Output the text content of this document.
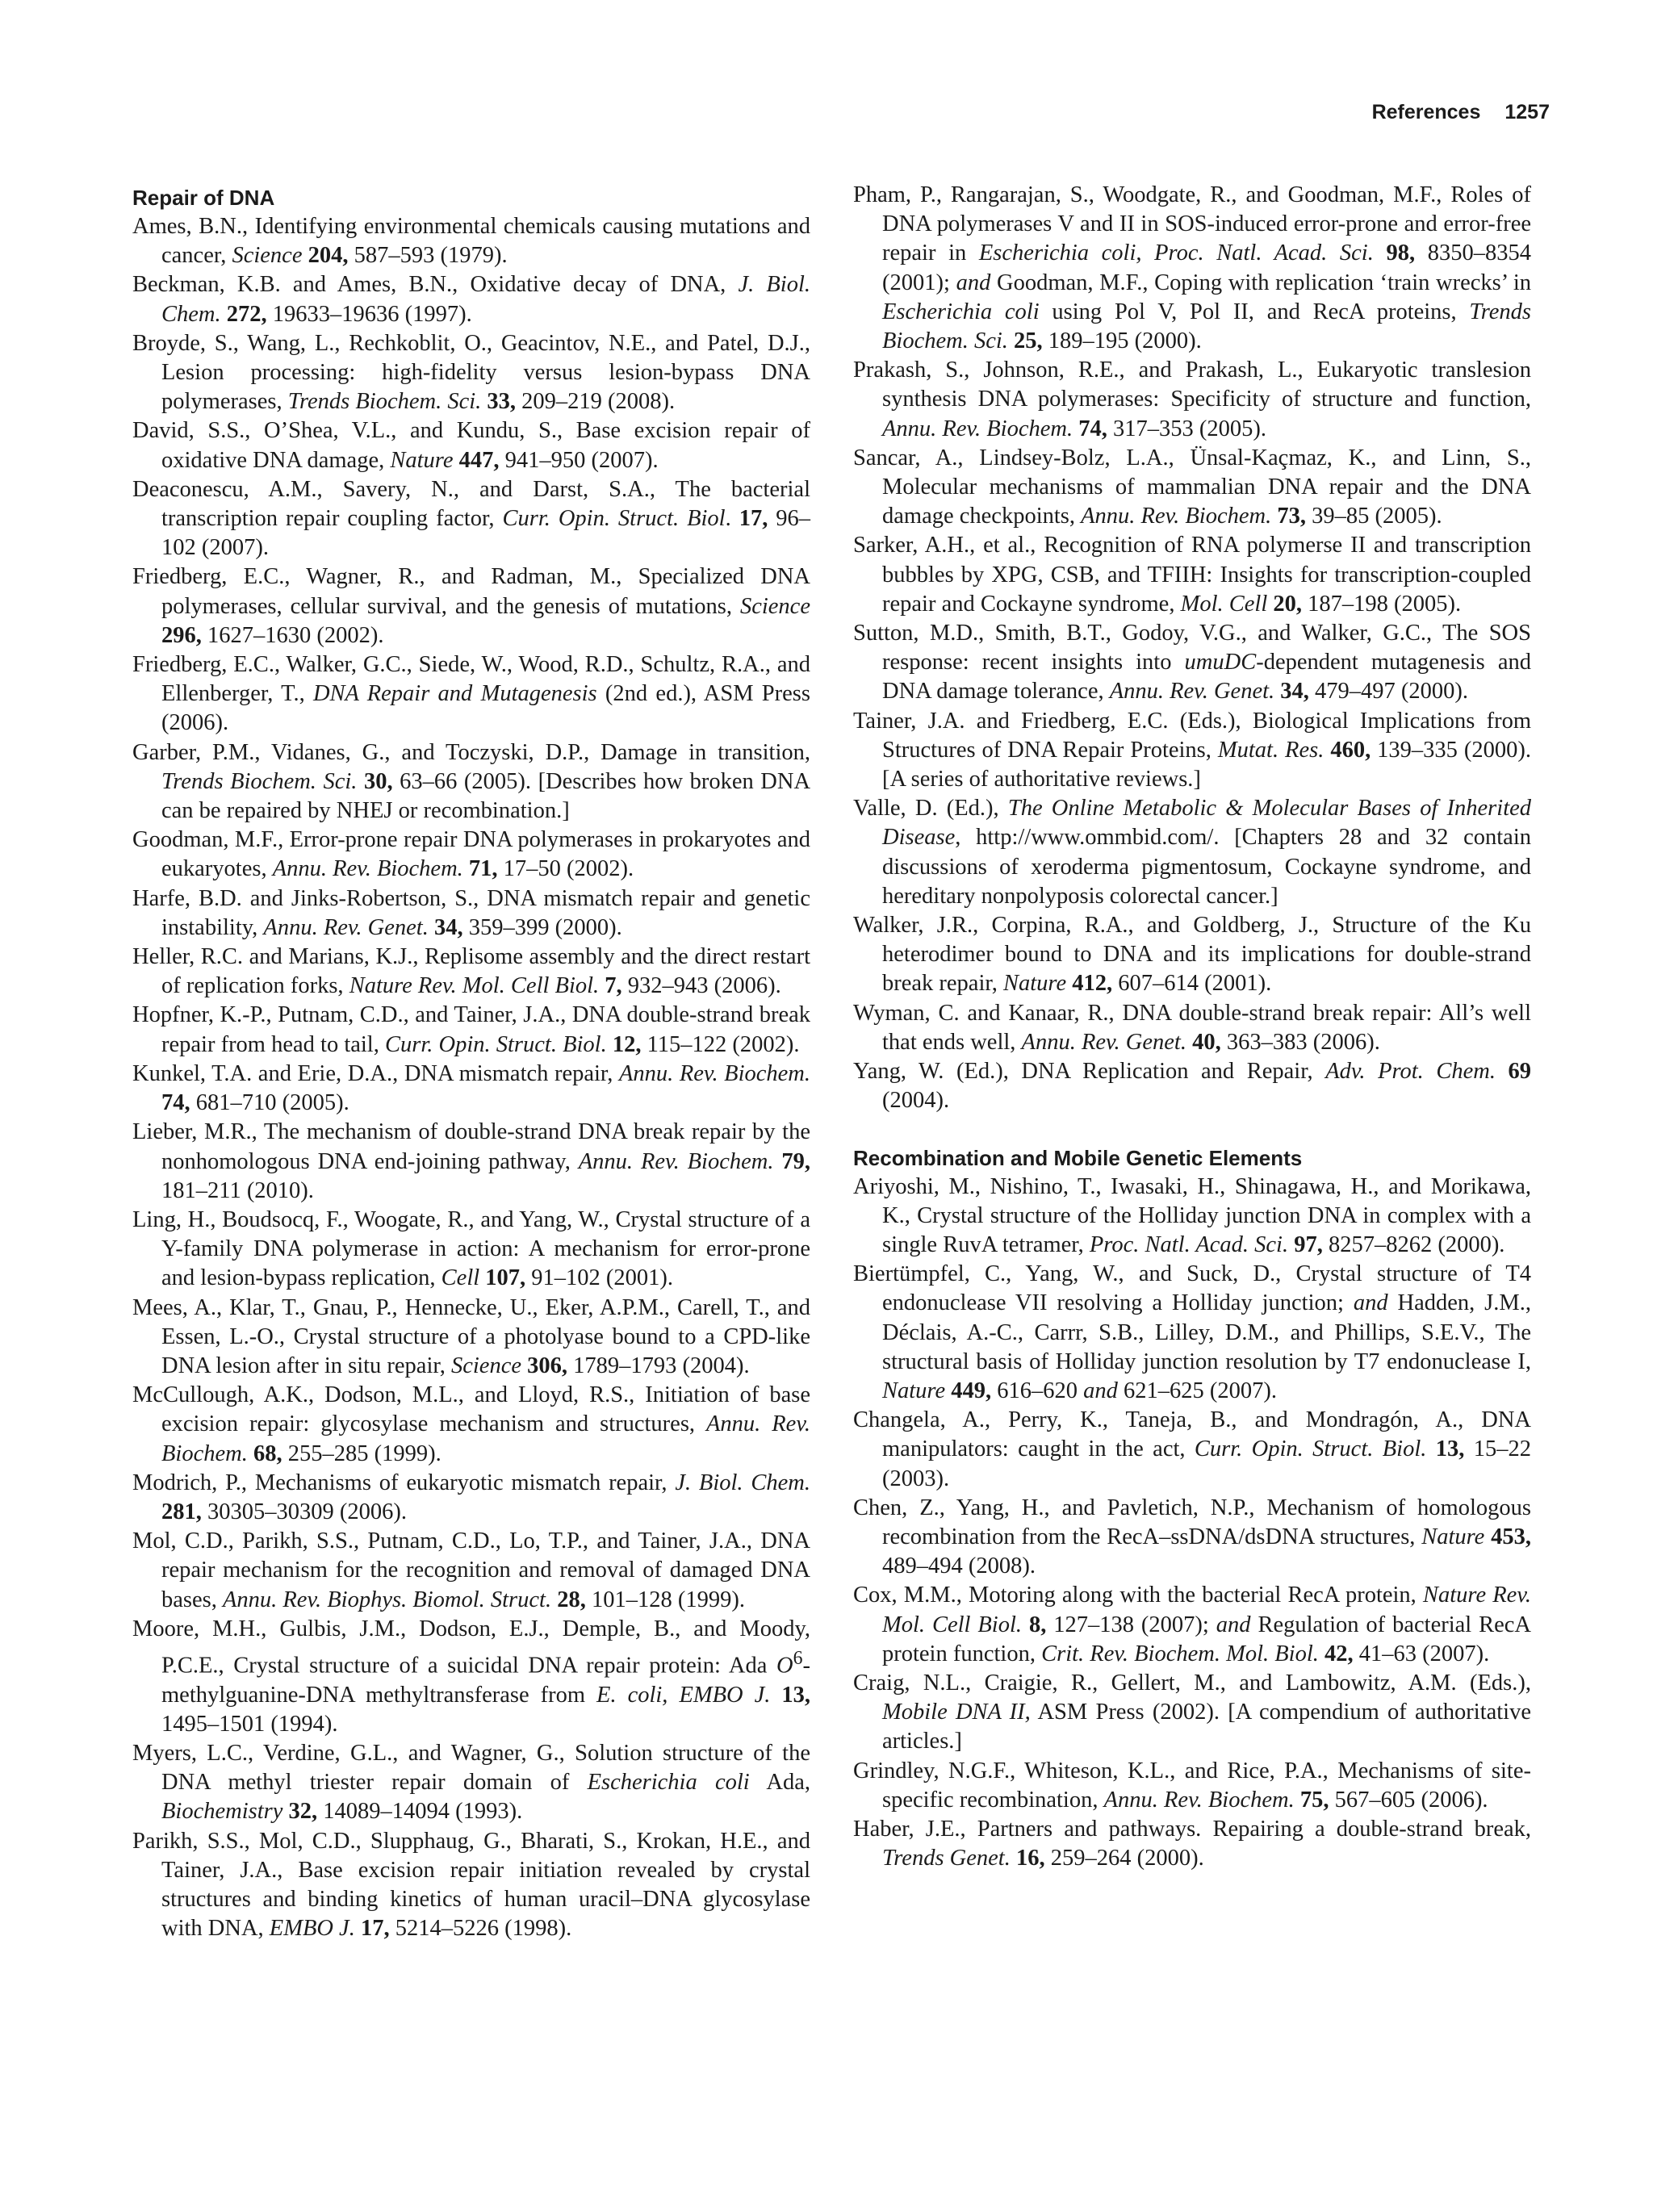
References 1257
Repair of DNA

Ames, B.N., Identifying environmental chemicals causing mutations and cancer, Science 204, 587–593 (1979).

Beckman, K.B. and Ames, B.N., Oxidative decay of DNA, J. Biol. Chem. 272, 19633–19636 (1997).

Broyde, S., Wang, L., Rechkoblit, O., Geacintov, N.E., and Patel, D.J., Lesion processing: high-fidelity versus lesion-bypass DNA polymerases, Trends Biochem. Sci. 33, 209–219 (2008).

David, S.S., O’Shea, V.L., and Kundu, S., Base excision repair of oxidative DNA damage, Nature 447, 941–950 (2007).

Deaconescu, A.M., Savery, N., and Darst, S.A., The bacterial transcription repair coupling factor, Curr. Opin. Struct. Biol. 17, 96–102 (2007).

Friedberg, E.C., Wagner, R., and Radman, M., Specialized DNA polymerases, cellular survival, and the genesis of mutations, Science 296, 1627–1630 (2002).

Friedberg, E.C., Walker, G.C., Siede, W., Wood, R.D., Schultz, R.A., and Ellenberger, T., DNA Repair and Mutagenesis (2nd ed.), ASM Press (2006).

Garber, P.M., Vidanes, G., and Toczyski, D.P., Damage in transition, Trends Biochem. Sci. 30, 63–66 (2005). [Describes how broken DNA can be repaired by NHEJ or recombination.]

Goodman, M.F., Error-prone repair DNA polymerases in prokaryotes and eukaryotes, Annu. Rev. Biochem. 71, 17–50 (2002).

Harfe, B.D. and Jinks-Robertson, S., DNA mismatch repair and genetic instability, Annu. Rev. Genet. 34, 359–399 (2000).

Heller, R.C. and Marians, K.J., Replisome assembly and the direct restart of replication forks, Nature Rev. Mol. Cell Biol. 7, 932–943 (2006).

Hopfner, K.-P., Putnam, C.D., and Tainer, J.A., DNA double-strand break repair from head to tail, Curr. Opin. Struct. Biol. 12, 115–122 (2002).

Kunkel, T.A. and Erie, D.A., DNA mismatch repair, Annu. Rev. Biochem. 74, 681–710 (2005).

Lieber, M.R., The mechanism of double-strand DNA break repair by the nonhomologous DNA end-joining pathway, Annu. Rev. Biochem. 79, 181–211 (2010).

Ling, H., Boudsocq, F., Woogate, R., and Yang, W., Crystal structure of a Y-family DNA polymerase in action: A mechanism for error-prone and lesion-bypass replication, Cell 107, 91–102 (2001).

Mees, A., Klar, T., Gnau, P., Hennecke, U., Eker, A.P.M., Carell, T., and Essen, L.-O., Crystal structure of a photolyase bound to a CPD-like DNA lesion after in situ repair, Science 306, 1789–1793 (2004).

McCullough, A.K., Dodson, M.L., and Lloyd, R.S., Initiation of base excision repair: glycosylase mechanism and structures, Annu. Rev. Biochem. 68, 255–285 (1999).

Modrich, P., Mechanisms of eukaryotic mismatch repair, J. Biol. Chem. 281, 30305–30309 (2006).

Mol, C.D., Parikh, S.S., Putnam, C.D., Lo, T.P., and Tainer, J.A., DNA repair mechanism for the recognition and removal of damaged DNA bases, Annu. Rev. Biophys. Biomol. Struct. 28, 101–128 (1999).

Moore, M.H., Gulbis, J.M., Dodson, E.J., Demple, B., and Moody, P.C.E., Crystal structure of a suicidal DNA repair protein: Ada $O^6-methylguanine$-DNA methyltransferase from E. coli, EMBO J. 13, 1495–1501 (1994).

Myers, L.C., Verdine, G.L., and Wagner, G., Solution structure of the DNA methyl triester repair domain of Escherichia coli Ada, Biochemistry 32, 14089–14094 (1993).

Parikh, S.S., Mol, C.D., Slupphaug, G., Bharati, S., Krokan, H.E., and Tainer, J.A., Base excision repair initiation revealed by crystal structures and binding kinetics of human uracil–DNA glycosylase with DNA, EMBO J. 17, 5214–5226 (1998).

Pham, P., Rangarajan, S., Woodgate, R., and Goodman, M.F., Roles of DNA polymerases V and II in SOS-induced error-prone and error-free repair in Escherichia coli, Proc. Natl. Acad. Sci. 98, 8350–8354 (2001); and Goodman, M.F., Coping with replication ‘train wrecks’ in Escherichia coli using Pol V, Pol II, and RecA proteins, Trends Biochem. Sci. 25, 189–195 (2000).

Prakash, S., Johnson, R.E., and Prakash, L., Eukaryotic translesion synthesis DNA polymerases: Specificity of structure and function, Annu. Rev. Biochem. 74, 317–353 (2005).

Sancar, A., Lindsey-Bolz, L.A., Ünsal-Kaçmaz, K., and Linn, S., Molecular mechanisms of mammalian DNA repair and the DNA damage checkpoints, Annu. Rev. Biochem. 73, 39–85 (2005).

Sarker, A.H., et al., Recognition of RNA polymerse II and transcription bubbles by XPG, CSB, and TFIIH: Insights for transcription-coupled repair and Cockayne syndrome, Mol. Cell 20, 187–198 (2005).

Sutton, M.D., Smith, B.T., Godoy, V.G., and Walker, G.C., The SOS response: recent insights into umuDC-dependent mutagenesis and DNA damage tolerance, Annu. Rev. Genet. 34, 479–497 (2000).

Tainer, J.A. and Friedberg, E.C. (Eds.), Biological Implications from Structures of DNA Repair Proteins, Mutat. Res. 460, 139–335 (2000). [A series of authoritative reviews.]

Valle, D. (Ed.), The Online Metabolic & Molecular Bases of Inherited Disease, http://www.ommbid.com/. [Chapters 28 and 32 contain discussions of xeroderma pigmentosum, Cockayne syndrome, and hereditary nonpolyposis colorectal cancer.]

Walker, J.R., Corpina, R.A., and Goldberg, J., Structure of the Ku heterodimer bound to DNA and its implications for double-strand break repair, Nature 412, 607–614 (2001).

Wyman, C. and Kanaar, R., DNA double-strand break repair: All’s well that ends well, Annu. Rev. Genet. 40, 363–383 (2006).

Yang, W. (Ed.), DNA Replication and Repair, Adv. Prot. Chem. 69 (2004).

Recombination and Mobile Genetic Elements

Ariyoshi, M., Nishino, T., Iwasaki, H., Shinagawa, H., and Morikawa, K., Crystal structure of the Holliday junction DNA in complex with a single RuvA tetramer, Proc. Natl. Acad. Sci. 97, 8257–8262 (2000).

Biertümpfel, C., Yang, W., and Suck, D., Crystal structure of T4 endonuclease VII resolving a Holliday junction; and Hadden, J.M., Déclais, A.-C., Carrr, S.B., Lilley, D.M., and Phillips, S.E.V., The structural basis of Holliday junction resolution by T7 endonuclease I, Nature 449, 616–620 and 621–625 (2007).

Changela, A., Perry, K., Taneja, B., and Mondragón, A., DNA manipulators: caught in the act, Curr. Opin. Struct. Biol. 13, 15–22 (2003).

Chen, Z., Yang, H., and Pavletich, N.P., Mechanism of homologous recombination from the RecA–ssDNA/dsDNA structures, Nature 453, 489–494 (2008).

Cox, M.M., Motoring along with the bacterial RecA protein, Nature Rev. Mol. Cell Biol. 8, 127–138 (2007); and Regulation of bacterial RecA protein function, Crit. Rev. Biochem. Mol. Biol. 42, 41–63 (2007).

Craig, N.L., Craigie, R., Gellert, M., and Lambowitz, A.M. (Eds.), Mobile DNA II, ASM Press (2002). [A compendium of authoritative articles.]

Grindley, N.G.F., Whiteson, K.L., and Rice, P.A., Mechanisms of site-specific recombination, Annu. Rev. Biochem. 75, 567–605 (2006).

Haber, J.E., Partners and pathways. Repairing a double-strand break, Trends Genet. 16, 259–264 (2000).
